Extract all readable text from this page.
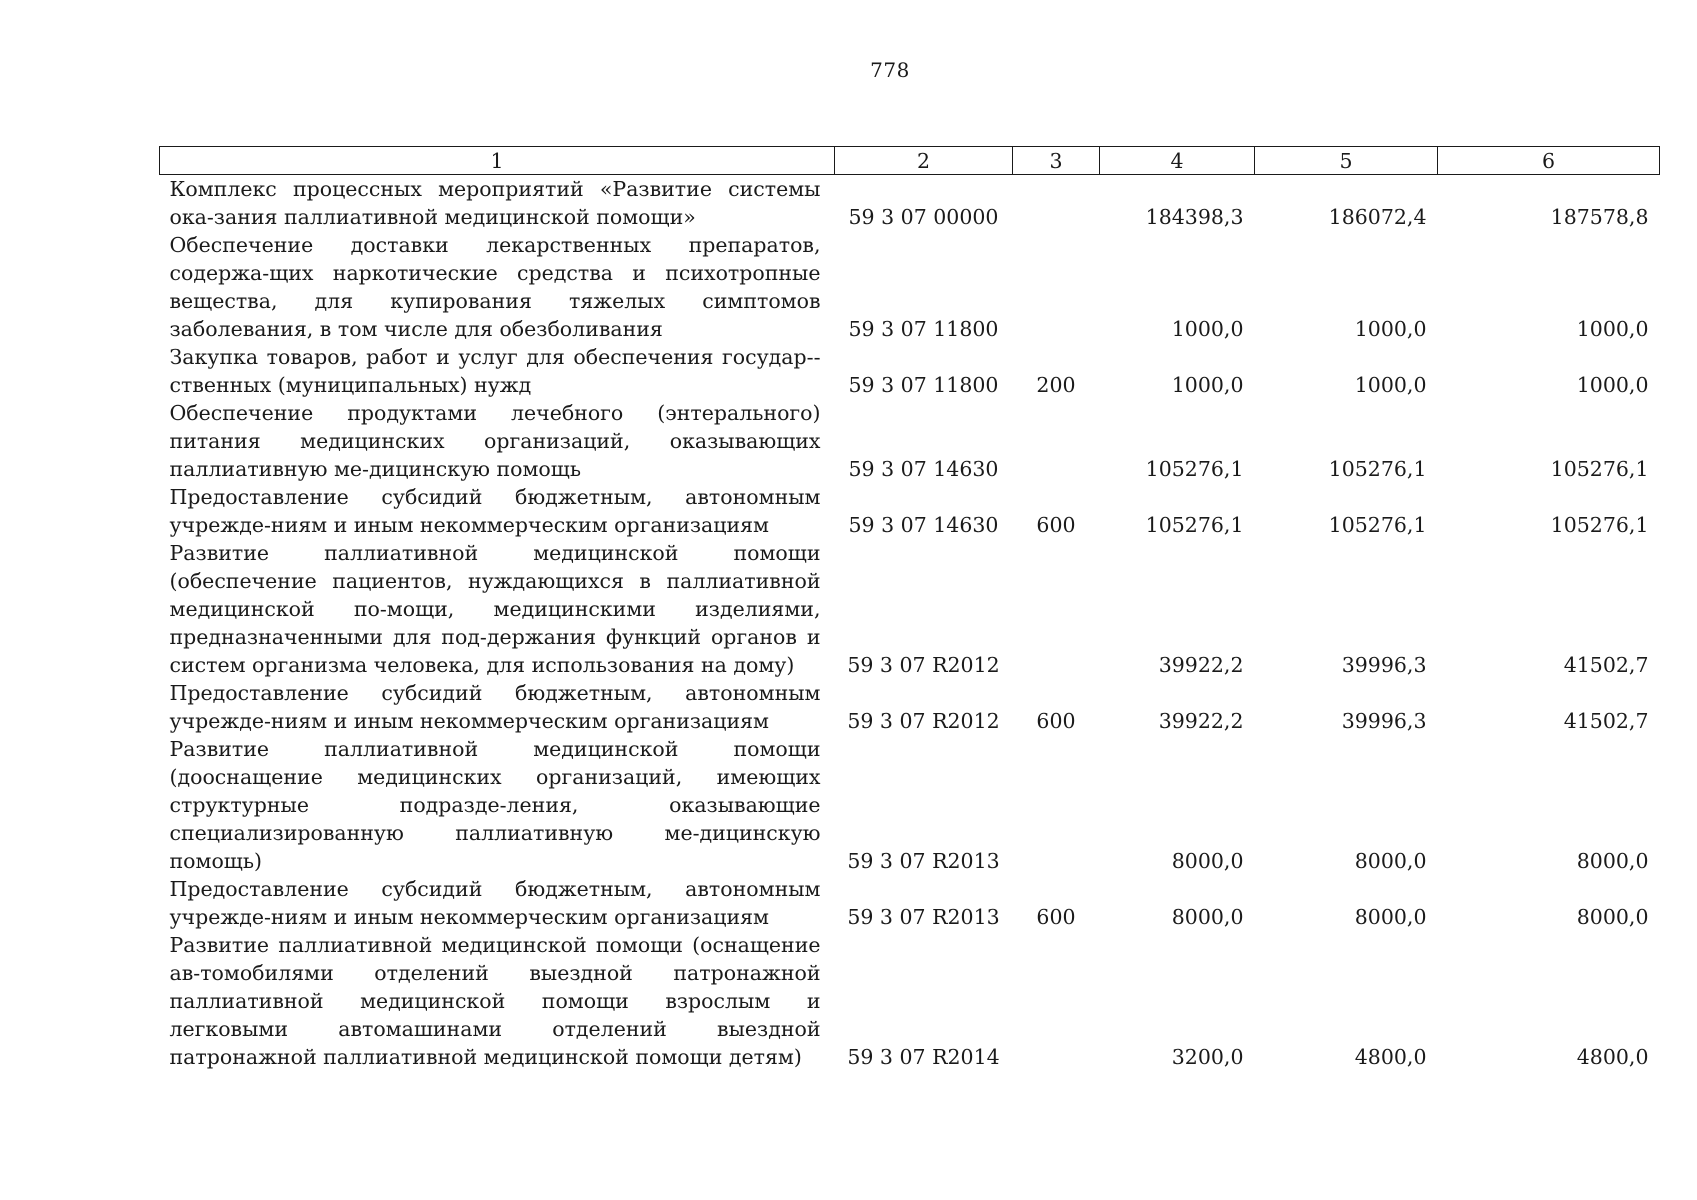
778
1	2	3	4	5	6
Комплекс процессных мероприятий «Развитие системы ока-зания паллиативной медицинской помощи»	59 3 07 00000		184398,3	186072,4	187578,8
Обеспечение доставки лекарственных препаратов, содержа-щих наркотические средства и психотропные вещества, для купирования тяжелых симптомов заболевания, в том числе для обезболивания	59 3 07 11800		1000,0	1000,0	1000,0
Закупка товаров, работ и услуг для обеспечения государ-ственных (муниципальных) нужд	59 3 07 11800	200	1000,0	1000,0	1000,0
Обеспечение продуктами лечебного (энтерального) питания медицинских организаций, оказывающих паллиативную ме-дицинскую помощь	59 3 07 14630		105276,1	105276,1	105276,1
Предоставление субсидий бюджетным, автономным учрежде-ниям и иным некоммерческим организациям	59 3 07 14630	600	105276,1	105276,1	105276,1
Развитие паллиативной медицинской помощи (обеспечение пациентов, нуждающихся в паллиативной медицинской по-мощи, медицинскими изделиями, предназначенными для под-держания функций органов и систем организма человека, для использования на дому)	59 3 07 R2012		39922,2	39996,3	41502,7
Предоставление субсидий бюджетным, автономным учрежде-ниям и иным некоммерческим организациям	59 3 07 R2012	600	39922,2	39996,3	41502,7
Развитие паллиативной медицинской помощи (дооснащение медицинских организаций, имеющих структурные подразде-ления, оказывающие специализированную паллиативную ме-дицинскую помощь)	59 3 07 R2013		8000,0	8000,0	8000,0
Предоставление субсидий бюджетным, автономным учрежде-ниям и иным некоммерческим организациям	59 3 07 R2013	600	8000,0	8000,0	8000,0
Развитие паллиативной медицинской помощи (оснащение ав-томобилями отделений выездной патронажной паллиативной медицинской помощи взрослым и легковыми автомашинами отделений выездной патронажной паллиативной медицинской помощи детям)	59 3 07 R2014		3200,0	4800,0	4800,0
